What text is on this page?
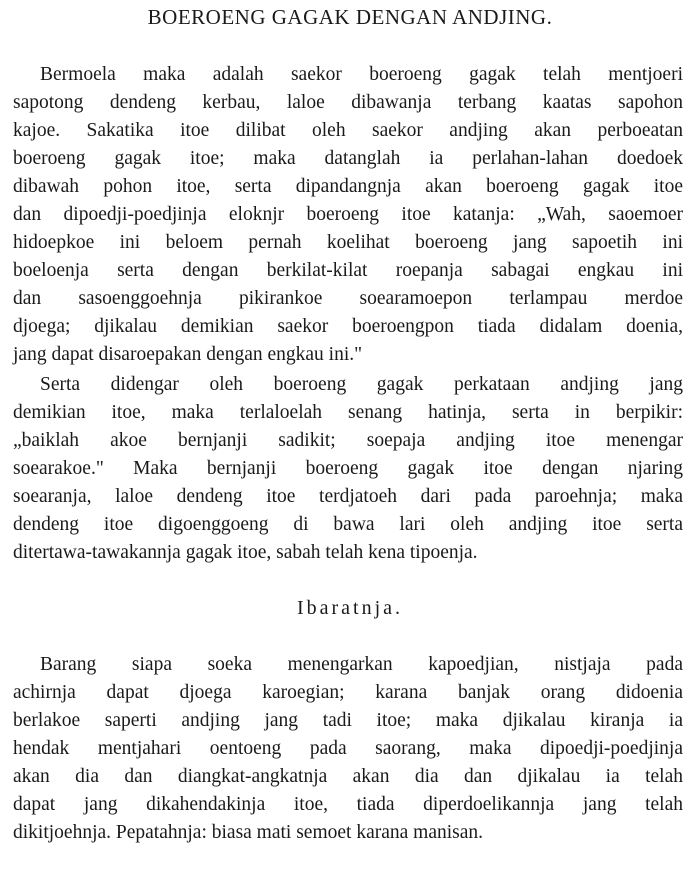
BOEROENG GAGAK DENGAN ANDJING.
Bermoela maka adalah saekor boeroeng gagak telah mentjoeri
sapotong dendeng kerbau, laloe dibawanja terbang kaatas sapohon
kajoe. Sakatika itoe dilibat oleh saekor andjing akan perboeatan
boeroeng gagak itoe; maka datanglah ia perlahan-lahan doedoek
dibawah pohon itoe, serta dipandangnja akan boeroeng gagak itoe
dan dipoedji-poedjinja eloknjr boeroeng itoe katanja: „Wah, saoemoer
hidoepkoe ini beloem pernah koelihat boeroeng jang sapoetih ini
boeloenja serta dengan berkilat-kilat roepanja sabagai engkau ini
dan sasoenggoehnja pikirankoe soearamoepon terlampau merdoe
djoega; djikalau demikian saekor boeroengpon tiada didalam doenia,
jang dapat disaroepakan dengan engkau ini."
Serta didengar oleh boeroeng gagak perkataan andjing jang
demikian itoe, maka terlaloelah senang hatinja, serta in berpikir:
„baiklah akoe bernjanji sadikit; soepaja andjing itoe menengar
soearakoe." Maka bernjanji boeroeng gagak itoe dengan njaring
soearanja, laloe dendeng itoe terdjatoeh dari pada paroehnja; maka
dendeng itoe digoenggoeng di bawa lari oleh andjing itoe serta
ditertawa-tawakannja gagak itoe, sabah telah kena tipoenja.
Ibaratnja.
Barang siapa soeka menengarkan kapoedjian, nistjaja pada
achirnja dapat djoega karoegian; karana banjak orang didoenia
berlakoe saperti andjing jang tadi itoe; maka djikalau kiranja ia
hendak mentjahari oentoeng pada saorang, maka dipoedji-poedjinja
akan dia dan diangkat-angkatnja akan dia dan djikalau ia telah
dapat jang dikahendakinja itoe, tiada diperdoelikannja jang telah
dikitjoehnja. Pepatahnja: biasa mati semoet karana manisan.
